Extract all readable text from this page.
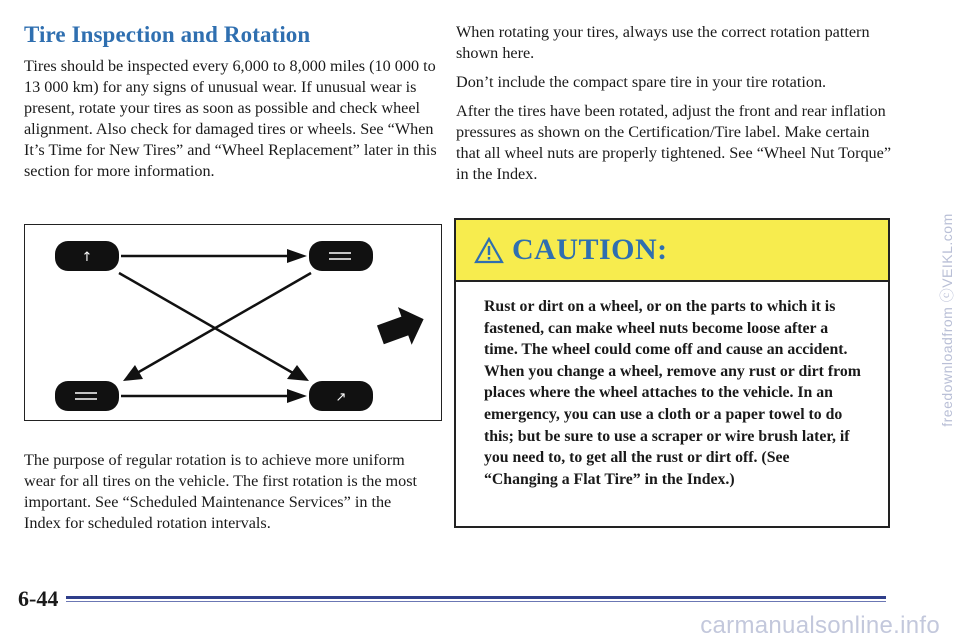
Tire Inspection and Rotation

Tires should be inspected every 6,000 to 8,000 miles (10 000 to 13 000 km) for any signs of unusual wear. If unusual wear is present, rotate your tires as soon as possible and check wheel alignment. Also check for damaged tires or wheels. See “When It’s Time for New Tires” and “Wheel Replacement” later in this section for more information.

↑
↗

The purpose of regular rotation is to achieve more uniform wear for all tires on the vehicle. The first rotation is the most important. See “Scheduled Maintenance Services” in the Index for scheduled rotation intervals.

When rotating your tires, always use the correct rotation pattern shown here.

Don’t include the compact spare tire in your tire rotation.

After the tires have been rotated, adjust the front and rear inflation pressures as shown on the Certification/Tire label. Make certain that all wheel nuts are properly tightened. See “Wheel Nut Torque” in the Index.

CAUTION:

Rust or dirt on a wheel, or on the parts to which it is fastened, can make wheel nuts become loose after a time. The wheel could come off and cause an accident. When you change a wheel, remove any rust or dirt from places where the wheel attaches to the vehicle. In an emergency, you can use a cloth or a paper towel to do this; but be sure to use a scraper or wire brush later, if you need to, to get all the rust or dirt off. (See “Changing a Flat Tire” in the Index.)

6-44
freedownloadfrom ⓒVEIKL.com
carmanualsonline.info
